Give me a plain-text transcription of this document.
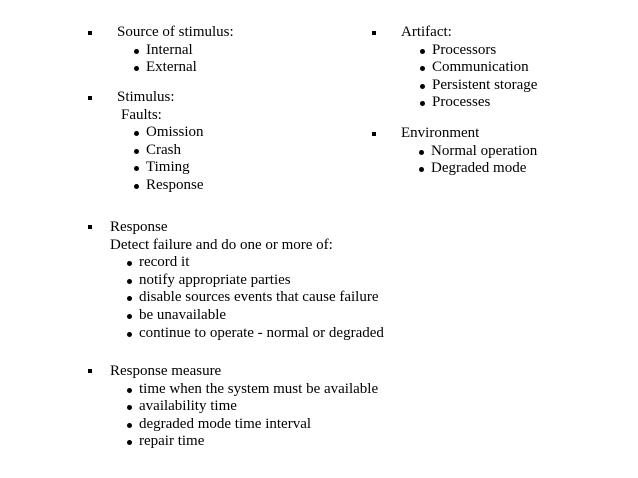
Source of stimulus:
Internal
External
Stimulus:
Faults:
Omission
Crash
Timing
Response
Artifact:
Processors
Communication
Persistent storage
Processes
Environment
Normal operation
Degraded mode
Response
Detect failure and do one or more of:
record it
notify appropriate parties
disable sources events that cause failure
be unavailable
continue to operate - normal or degraded
Response measure
time when the system must be available
availability time
degraded mode time interval
repair time
